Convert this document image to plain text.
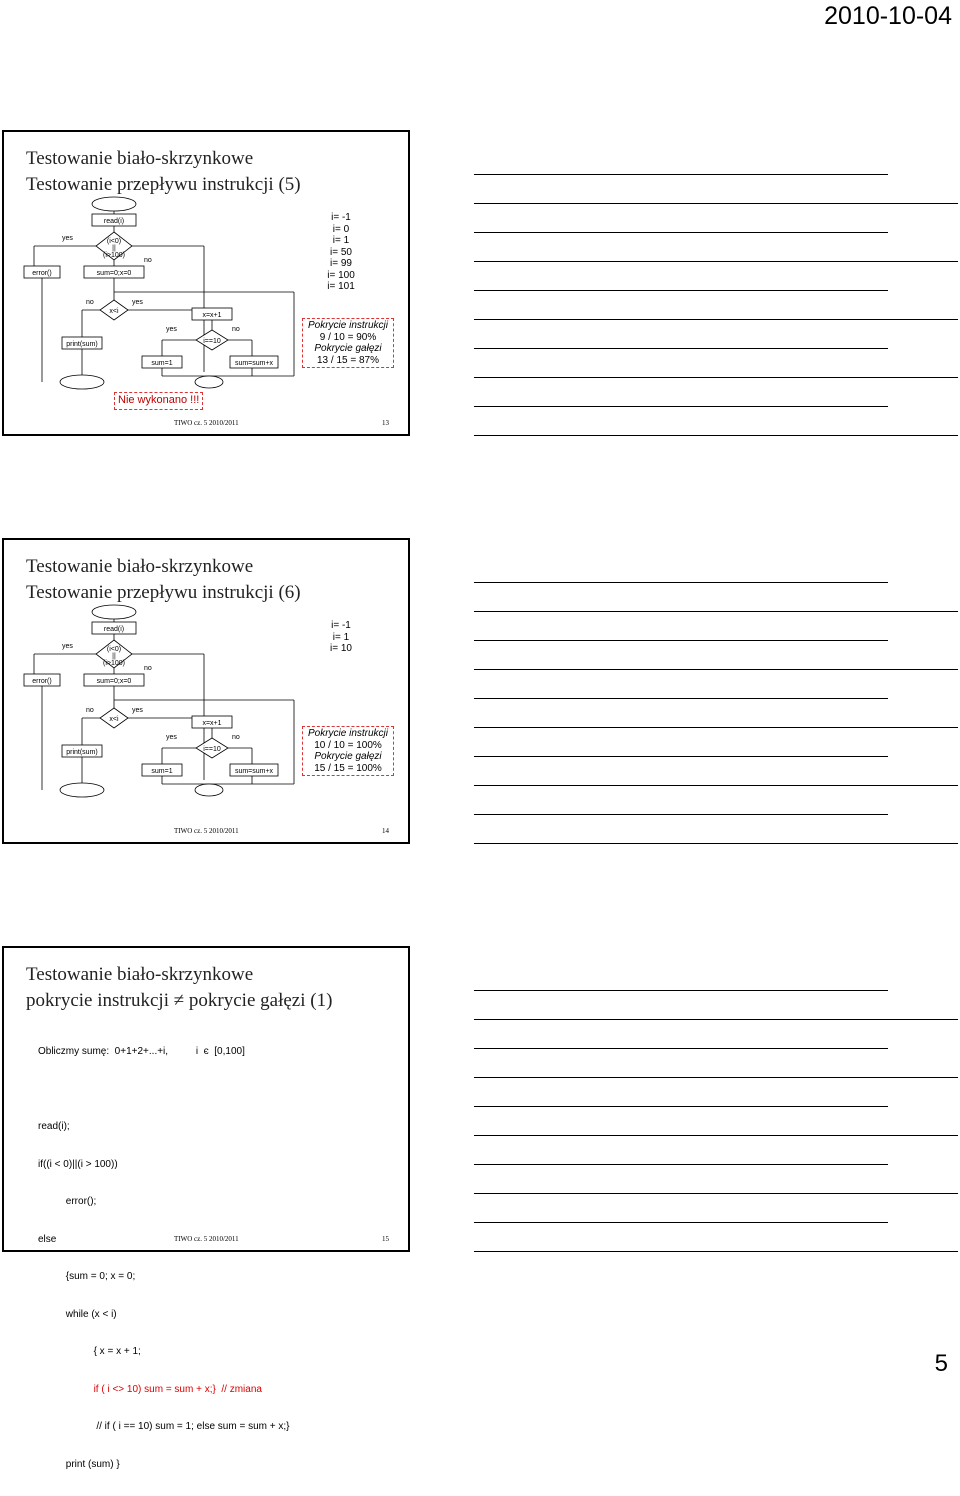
2010-10-04
Testowanie biało-skrzynkowe
Testowanie przepływu instrukcji (5)
read(i)
(i<0)
||
(i>100)
sum=0;x=0
error()
x<i
x=x+1
i==10
sum=1	sum=sum+x
print(sum)
yes
no
no	yes
yes	no
i= -1
i= 0
i= 1
i= 50
i= 99
i= 100
i= 101
Pokrycie instrukcji
9 / 10 = 90%
Pokrycie gałęzi
13 / 15 = 87%
Nie wykonano !!!
TIWO cz. 5 2010/2011	13
Testowanie biało-skrzynkowe
Testowanie przepływu instrukcji (6)
read(i)
(i<0)
||
(i>100)
sum=0;x=0
error()
x<i
x=x+1
i==10
sum=1	sum=sum+x
print(sum)
yes
no
no	yes
yes	no
i= -1
i= 1
i= 10
Pokrycie instrukcji
10 / 10 = 100%
Pokrycie gałęzi
15 / 15 = 100%
TIWO cz. 5 2010/2011	14
Testowanie biało-skrzynkowe
pokrycie instrukcji ≠ pokrycie gałęzi (1)
Obliczmy sumę:  0+1+2+...+i,          i  є  [0,100]

read(i);

if((i < 0)||(i > 100))

error();

else

{sum = 0; x = 0;

while (x < i)

{ x = x + 1;

if ( i <> 10) sum = sum + x;}  // zmiana

// if ( i == 10) sum = 1; else sum = sum + x;}

print (sum) }

TIWO cz. 5 2010/2011	15
5
